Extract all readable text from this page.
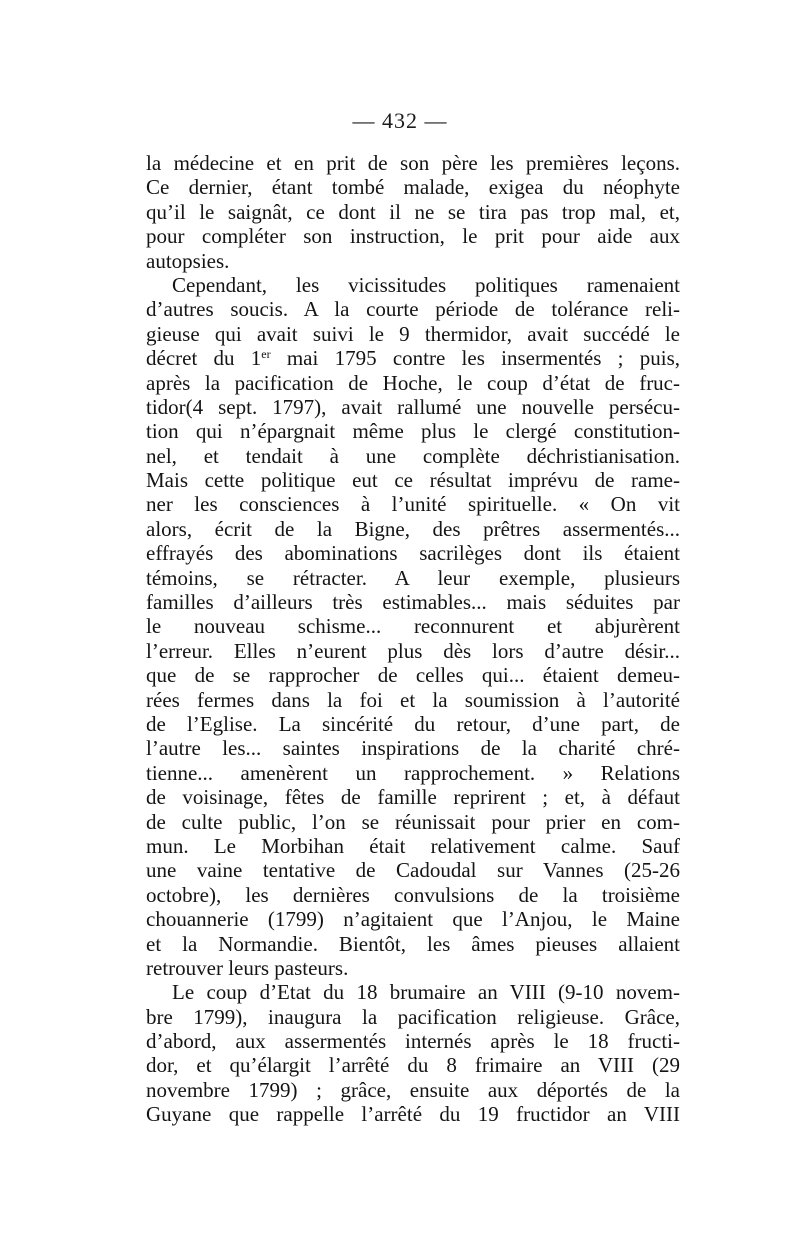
— 432 —
la médecine et en prit de son père les premières leçons.
Ce dernier, étant tombé malade, exigea du néophyte
qu’il le saignât, ce dont il ne se tira pas trop mal, et,
pour compléter son instruction, le prit pour aide aux
autopsies.
Cependant, les vicissitudes politiques ramenaient
d’autres soucis. A la courte période de tolérance reli-
gieuse qui avait suivi le 9 thermidor, avait succédé le
décret du 1er mai 1795 contre les insermentés ; puis,
après la pacification de Hoche, le coup d’état de fruc-
tidor(4 sept. 1797), avait rallumé une nouvelle persécu-
tion qui n’épargnait même plus le clergé constitution-
nel, et tendait à une complète déchristianisation.
Mais cette politique eut ce résultat imprévu de rame-
ner les consciences à l’unité spirituelle. « On vit
alors, écrit de la Bigne, des prêtres assermentés...
effrayés des abominations sacrilèges dont ils étaient
témoins, se rétracter. A leur exemple, plusieurs
familles d’ailleurs très estimables... mais séduites par
le nouveau schisme... reconnurent et abjurèrent
l’erreur. Elles n’eurent plus dès lors d’autre désir...
que de se rapprocher de celles qui... étaient demeu-
rées fermes dans la foi et la soumission à l’autorité
de l’Eglise. La sincérité du retour, d’une part, de
l’autre les... saintes inspirations de la charité chré-
tienne... amenèrent un rapprochement. » Relations
de voisinage, fêtes de famille reprirent ; et, à défaut
de culte public, l’on se réunissait pour prier en com-
mun. Le Morbihan était relativement calme. Sauf
une vaine tentative de Cadoudal sur Vannes (25-26
octobre), les dernières convulsions de la troisième
chouannerie (1799) n’agitaient que l’Anjou, le Maine
et la Normandie. Bientôt, les âmes pieuses allaient
retrouver leurs pasteurs.
Le coup d’Etat du 18 brumaire an VIII (9-10 novem-
bre 1799), inaugura la pacification religieuse. Grâce,
d’abord, aux assermentés internés après le 18 fructi-
dor, et qu’élargit l’arrêté du 8 frimaire an VIII (29
novembre 1799) ; grâce, ensuite aux déportés de la
Guyane que rappelle l’arrêté du 19 fructidor an VIII
